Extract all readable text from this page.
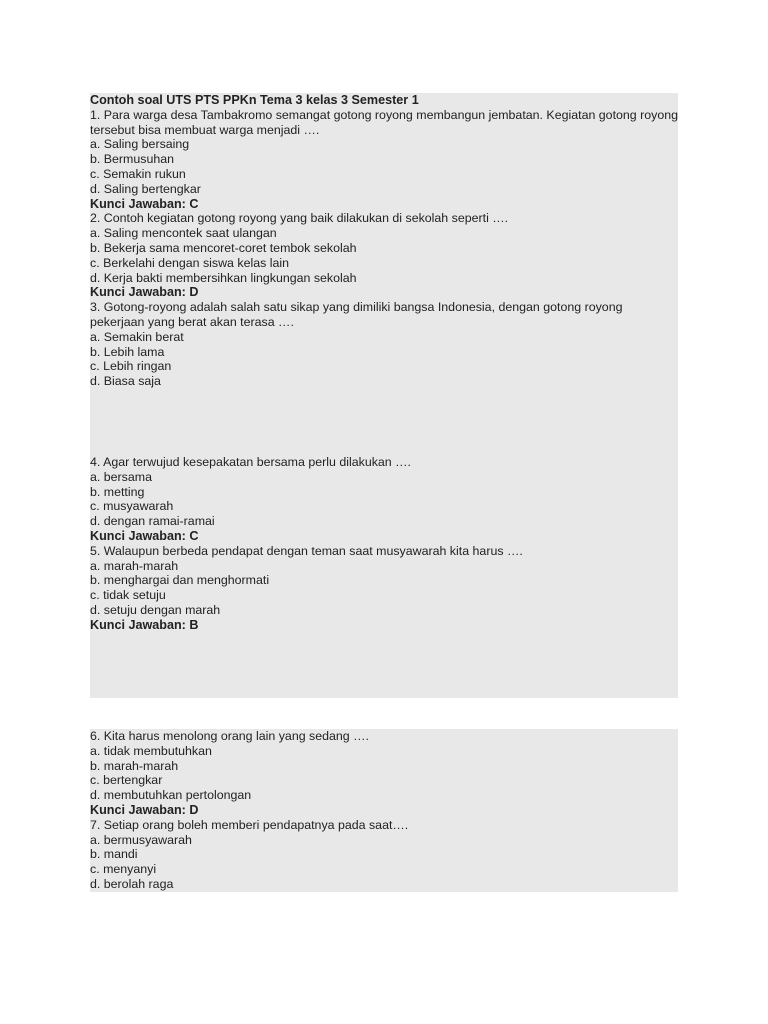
Contoh soal UTS PTS PPKn Tema 3 kelas 3 Semester 1

1. Para warga desa Tambakromo semangat gotong royong membangun jembatan. Kegiatan gotong royong tersebut bisa membuat warga menjadi ….

a. Saling bersaing

b. Bermusuhan

c. Semakin rukun

d. Saling bertengkar

Kunci Jawaban: C

2. Contoh kegiatan gotong royong yang baik dilakukan di sekolah seperti ….

a. Saling mencontek saat ulangan

b. Bekerja sama mencoret-coret tembok sekolah

c. Berkelahi dengan siswa kelas lain

d. Kerja bakti membersihkan lingkungan sekolah

Kunci Jawaban: D

3. Gotong-royong adalah salah satu sikap yang dimiliki bangsa Indonesia, dengan gotong royong pekerjaan yang berat akan terasa ….

a. Semakin berat

b. Lebih lama

c. Lebih ringan

d. Biasa saja

4. Agar terwujud kesepakatan bersama perlu dilakukan ….

a. bersama

b. metting

c. musyawarah

d. dengan ramai-ramai

Kunci Jawaban: C

5. Walaupun berbeda pendapat dengan teman saat musyawarah kita harus ….

a. marah-marah

b. menghargai dan menghormati

c. tidak setuju

d. setuju dengan marah

Kunci Jawaban: B

6. Kita harus menolong orang lain yang sedang ….

a. tidak membutuhkan

b. marah-marah

c. bertengkar

d. membutuhkan pertolongan

Kunci Jawaban: D

7. Setiap orang boleh memberi pendapatnya pada saat….

a. bermusyawarah

b. mandi

c. menyanyi

d. berolah raga
